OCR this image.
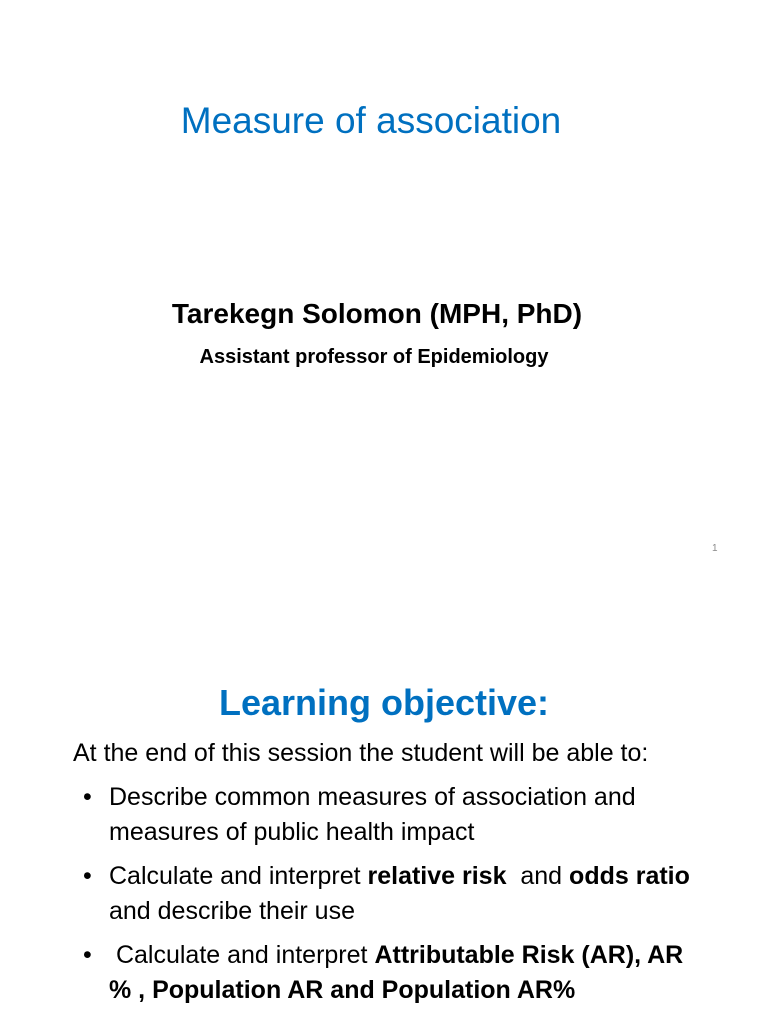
Measure of association

Tarekegn Solomon (MPH, PhD)

Assistant professor of Epidemiology

1
Learning objective:

At the end of this session the student will be able to:

• Describe common measures of association and
measures of public health impact
• Calculate and interpret relative risk  and odds ratio
and describe their use
• Calculate and interpret Attributable Risk (AR), AR
% , Population AR and Population AR%
